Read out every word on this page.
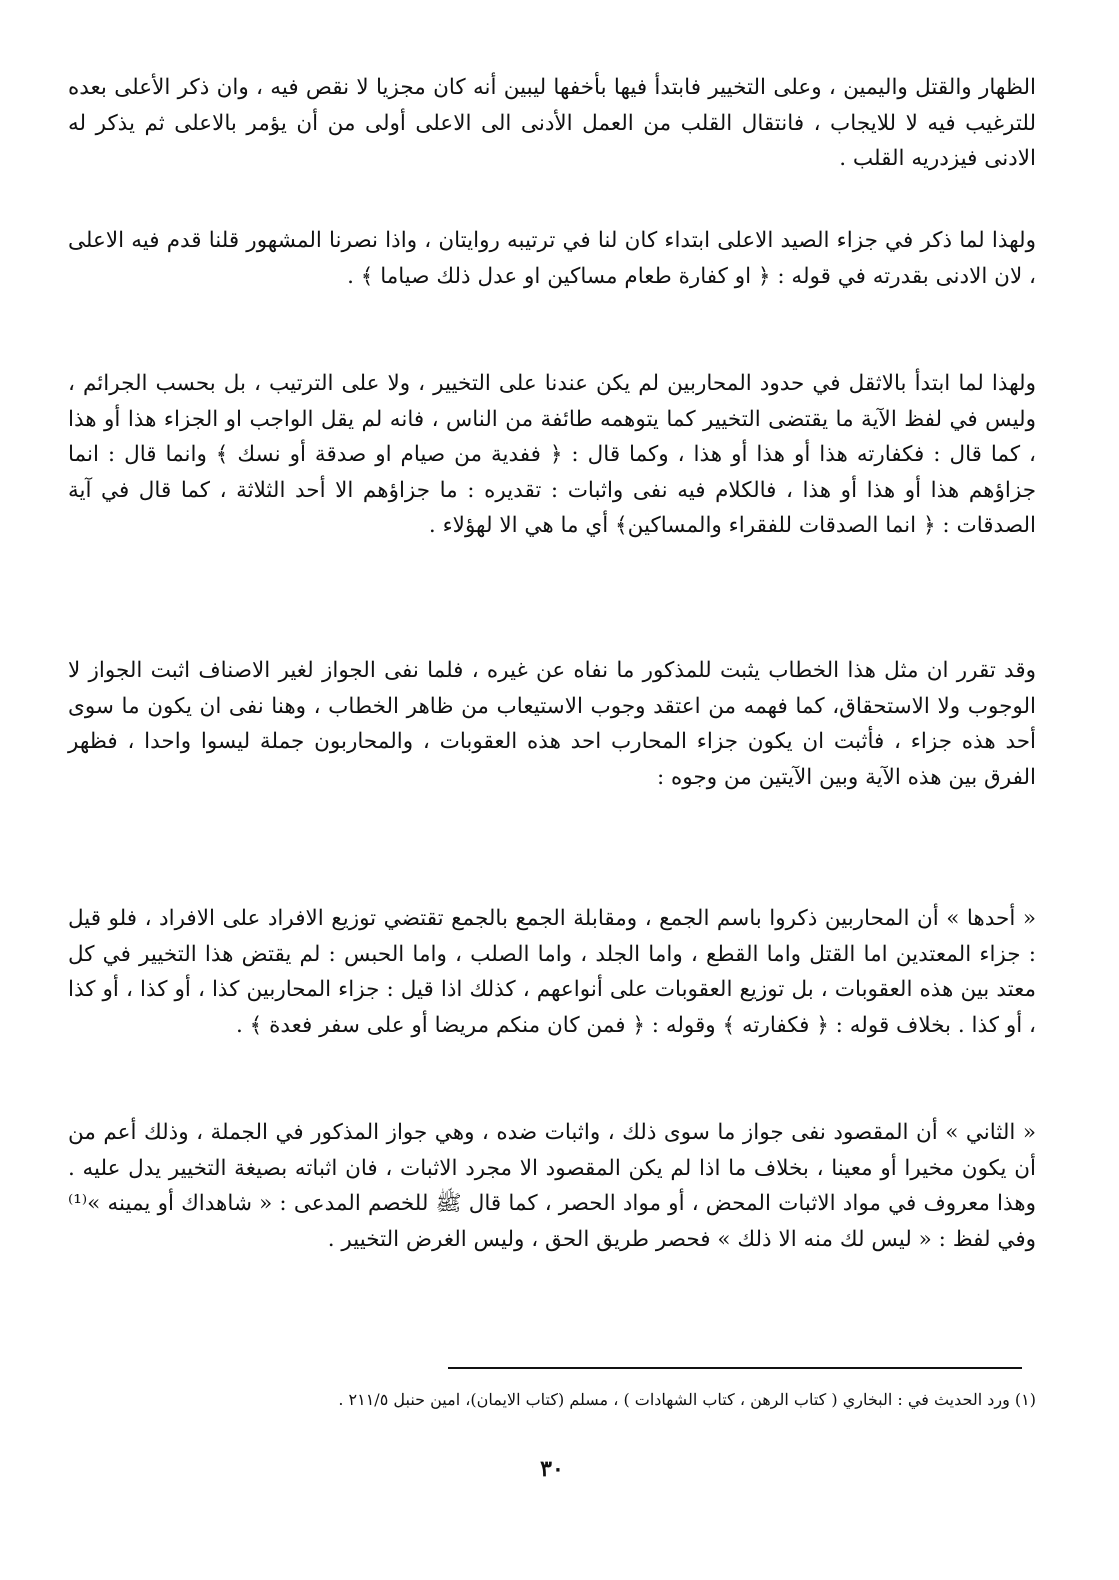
الظهار والقتل واليمين ، وعلى التخيير فابتدأ فيها بأخفها ليبين أنه كان مجزيا لا نقص فيه ، وان ذكر الأعلى بعده للترغيب فيه لا للايجاب ، فانتقال القلب من العمل الأدنى الى الاعلى أولى من أن يؤمر بالاعلى ثم يذكر له الادنى فيزدريه القلب .

ولهذا لما ذكر في جزاء الصيد الاعلى ابتداء كان لنا في ترتيبه روايتان ، واذا نصرنا المشهور قلنا قدم فيه الاعلى ، لان الادنى بقدرته في قوله : ﴿ او كفارة طعام مساكين او عدل ذلك صياما ﴾ .

ولهذا لما ابتدأ بالاثقل في حدود المحاربين لم يكن عندنا على التخيير ، ولا على الترتيب ، بل بحسب الجرائم ، وليس في لفظ الآية ما يقتضى التخيير كما يتوهمه طائفة من الناس ، فانه لم يقل الواجب او الجزاء هذا أو هذا ، كما قال : فكفارته هذا أو هذا أو هذا ، وكما قال : ﴿ ففدية من صيام او صدقة أو نسك ﴾ وانما قال : انما جزاؤهم هذا أو هذا أو هذا ، فالكلام فيه نفى واثبات : تقديره : ما جزاؤهم الا أحد الثلاثة ، كما قال في آية الصدقات : ﴿ انما الصدقات للفقراء والمساكين﴾ أي ما هي الا لهؤلاء .

وقد تقرر ان مثل هذا الخطاب يثبت للمذكور ما نفاه عن غيره ، فلما نفى الجواز لغير الاصناف اثبت الجواز لا الوجوب ولا الاستحقاق، كما فهمه من اعتقد وجوب الاستيعاب من ظاهر الخطاب ، وهنا نفى ان يكون ما سوى أحد هذه جزاء ، فأثبت ان يكون جزاء المحارب احد هذه العقوبات ، والمحاربون جملة ليسوا واحدا ، فظهر الفرق بين هذه الآية وبين الآيتين من وجوه :

« أحدها » أن المحاربين ذكروا باسم الجمع ، ومقابلة الجمع بالجمع تقتضي توزيع الافراد على الافراد ، فلو قيل : جزاء المعتدين اما القتل واما القطع ، واما الجلد ، واما الصلب ، واما الحبس : لم يقتض هذا التخيير في كل معتد بين هذه العقوبات ، بل توزيع العقوبات على أنواعهم ، كذلك اذا قيل : جزاء المحاربين كذا ، أو كذا ، أو كذا ، أو كذا . بخلاف قوله : ﴿ فكفارته ﴾ وقوله : ﴿ فمن كان منكم مريضا أو على سفر فعدة ﴾ .

« الثاني » أن المقصود نفى جواز ما سوى ذلك ، واثبات ضده ، وهي جواز المذكور في الجملة ، وذلك أعم من أن يكون مخيرا أو معينا ، بخلاف ما اذا لم يكن المقصود الا مجرد الاثبات ، فان اثباته بصيغة التخيير يدل عليه . وهذا معروف في مواد الاثبات المحض ، أو مواد الحصر ، كما قال ﷺ للخصم المدعى : « شاهداك أو يمينه »⁽¹⁾ وفي لفظ : « ليس لك منه الا ذلك » فحصر طريق الحق ، وليس الغرض التخيير .

(١) ورد الحديث في : البخاري ( كتاب الرهن ، كتاب الشهادات ) ، مسلم (كتاب الايمان)، امين حنبل ٢١١/٥ .

٣٠
